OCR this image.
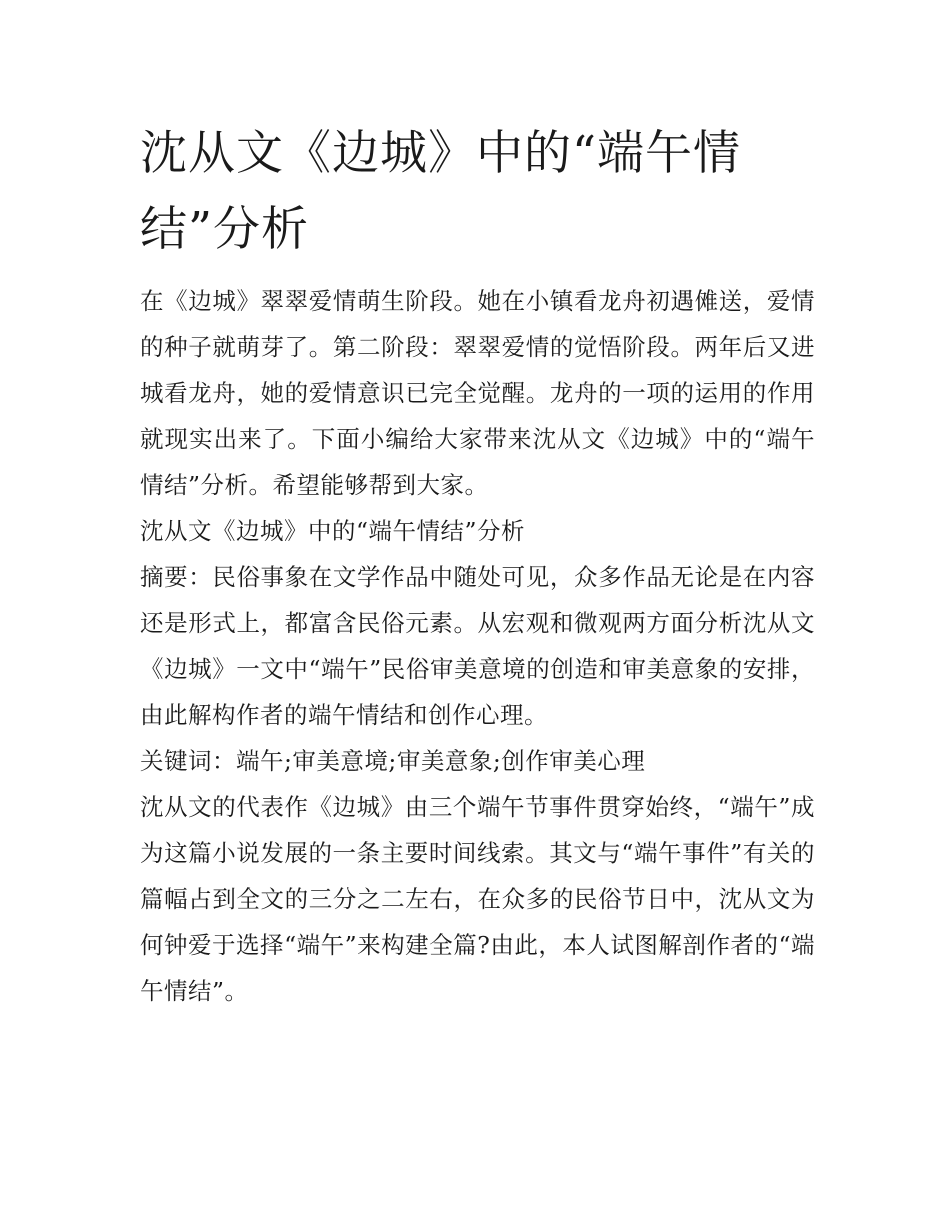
沈从文《边城》中的“端午情结”分析

在《边城》翠翠爱情萌生阶段。她在小镇看龙舟初遇傩送，爱情的种子就萌芽了。第二阶段：翠翠爱情的觉悟阶段。两年后又进城看龙舟，她的爱情意识已完全觉醒。龙舟的一项的运用的作用就现实出来了。下面小编给大家带来沈从文《边城》中的“端午情结”分析。希望能够帮到大家。

沈从文《边城》中的“端午情结”分析

摘要：民俗事象在文学作品中随处可见，众多作品无论是在内容还是形式上，都富含民俗元素。从宏观和微观两方面分析沈从文《边城》一文中“端午”民俗审美意境的创造和审美意象的安排，由此解构作者的端午情结和创作心理。

关键词：端午;审美意境;审美意象;创作审美心理

沈从文的代表作《边城》由三个端午节事件贯穿始终，“端午”成为这篇小说发展的一条主要时间线索。其文与“端午事件”有关的篇幅占到全文的三分之二左右，在众多的民俗节日中，沈从文为何钟爱于选择“端午”来构建全篇?由此，本人试图解剖作者的“端午情结”。
